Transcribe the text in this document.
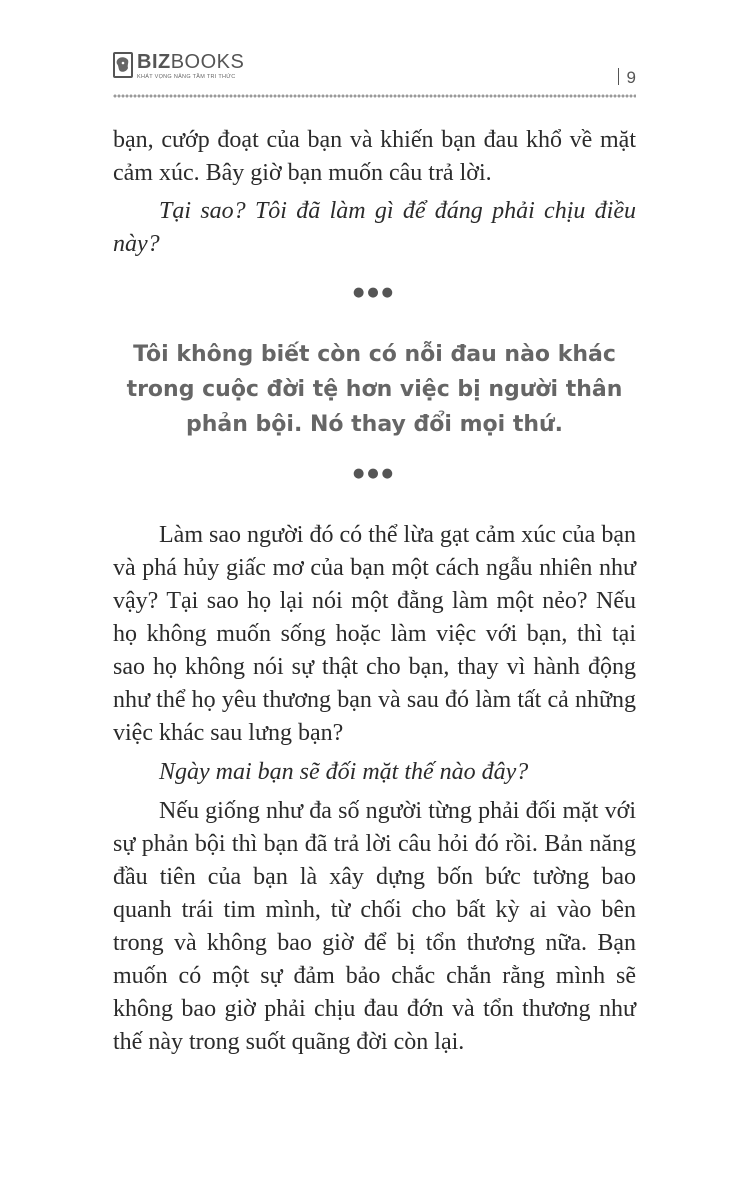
BIZBOOKS
KHÁT VỌNG NÂNG TẦM TRI THỨC	9

bạn, cướp đoạt của bạn và khiến bạn đau khổ về mặt cảm xúc. Bây giờ bạn muốn câu trả lời.

Tại sao? Tôi đã làm gì để đáng phải chịu điều này?

●●●
Tôi không biết còn có nỗi đau nào khác trong cuộc đời tệ hơn việc bị người thân phản bội. Nó thay đổi mọi thứ.
●●●

Làm sao người đó có thể lừa gạt cảm xúc của bạn và phá hủy giấc mơ của bạn một cách ngẫu nhiên như vậy? Tại sao họ lại nói một đằng làm một nẻo? Nếu họ không muốn sống hoặc làm việc với bạn, thì tại sao họ không nói sự thật cho bạn, thay vì hành động như thể họ yêu thương bạn và sau đó làm tất cả những việc khác sau lưng bạn?

Ngày mai bạn sẽ đối mặt thế nào đây?

Nếu giống như đa số người từng phải đối mặt với sự phản bội thì bạn đã trả lời câu hỏi đó rồi. Bản năng đầu tiên của bạn là xây dựng bốn bức tường bao quanh trái tim mình, từ chối cho bất kỳ ai vào bên trong và không bao giờ để bị tổn thương nữa. Bạn muốn có một sự đảm bảo chắc chắn rằng mình sẽ không bao giờ phải chịu đau đớn và tổn thương như thế này trong suốt quãng đời còn lại.
